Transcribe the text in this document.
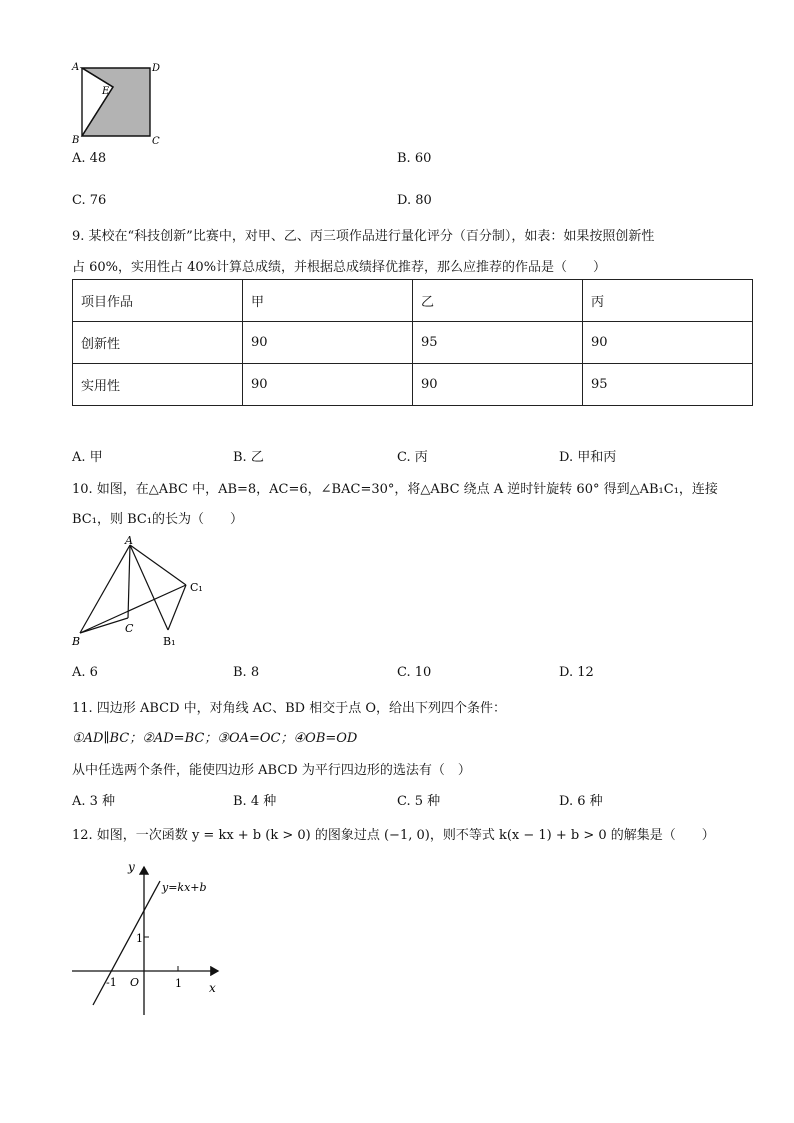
A	D
E
B	C
A. 48	B. 60
C. 76	D. 80
9. 某校在“科技创新”比赛中，对甲、乙、丙三项作品进行量化评分（百分制），如表：如果按照创新性
占 60%，实用性占 40%计算总成绩，并根据总成绩择优推荐，那么应推荐的作品是（　　）
项目作品	甲	乙	丙
创新性	90	95	90
实用性	90	90	95
A. 甲	B. 乙	C. 丙	D. 甲和丙
10. 如图，在△ABC 中，AB=8，AC=6，∠BAC=30°，将△ABC 绕点 A 逆时针旋转 60° 得到△AB₁C₁，连接
BC₁，则 BC₁的长为（　　）
A
C₁
B
C
B₁
A. 6	B. 8	C. 10	D. 12
11. 四边形 ABCD 中，对角线 AC、BD 相交于点 O，给出下列四个条件：
①AD∥BC；②AD=BC；③OA=OC；④OB=OD
从中任选两个条件，能使四边形 ABCD 为平行四边形的选法有（　）
A. 3 种	B. 4 种	C. 5 种	D. 6 种
12. 如图，一次函数 y = kx + b (k > 0) 的图象过点 (−1, 0)，则不等式 k(x − 1) + b > 0 的解集是（　　）
y
y=kx+b
1
-1 O	1 x
